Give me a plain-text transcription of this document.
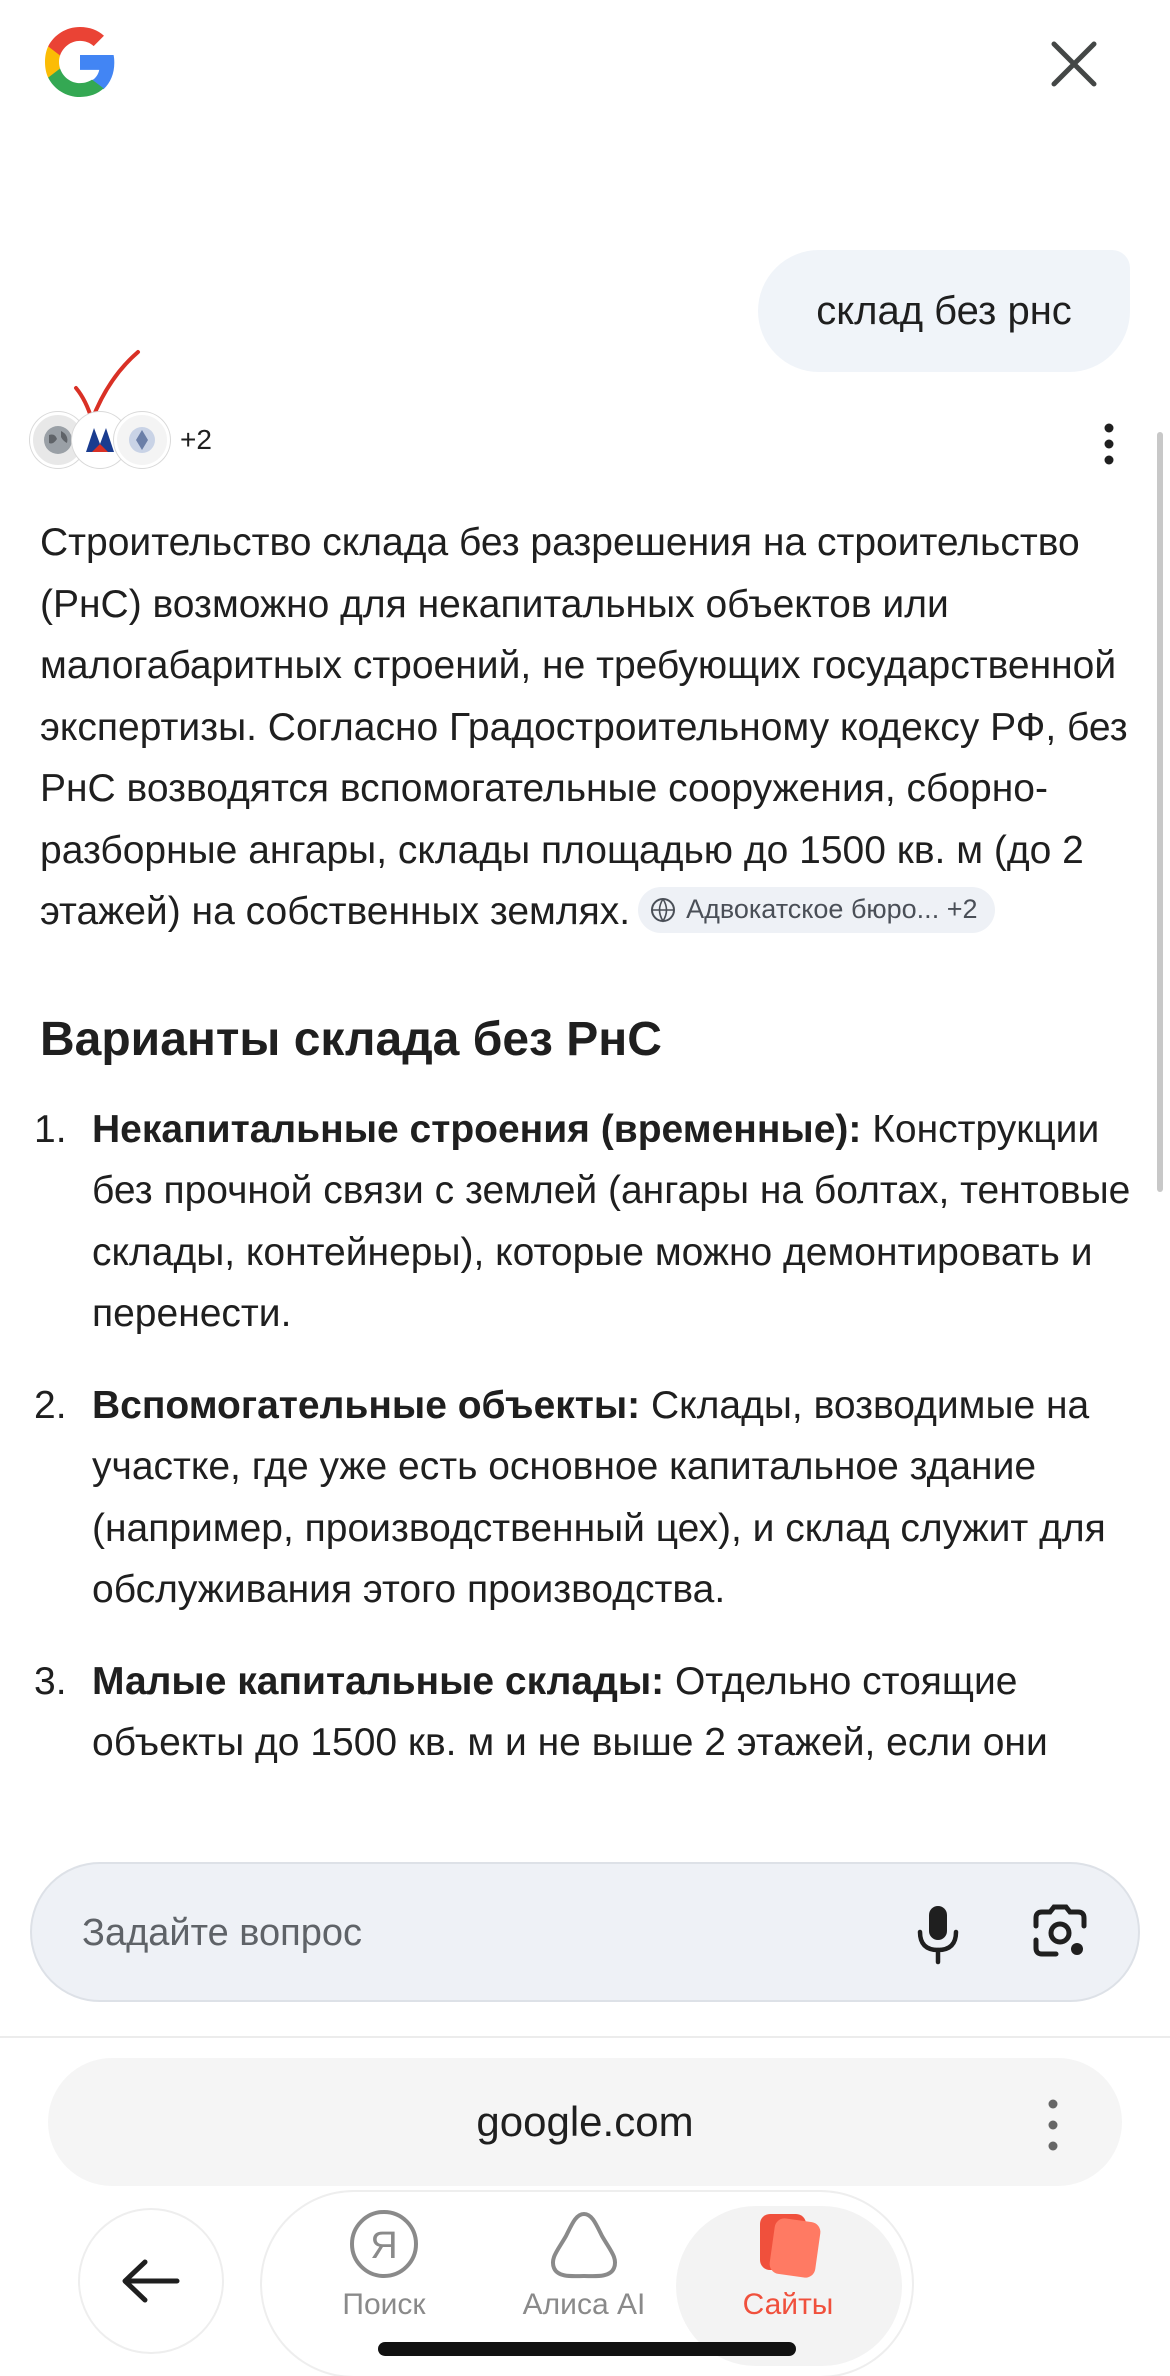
склад без рнс
+2

Строительство склада без разрешения на строительство (РнС) возможно для некапитальных объектов или малогабаритных строений, не требующих государственной экспертизы. Согласно Градостроительному кодексу РФ, без РнС возводятся вспомогательные сооружения, сборно-разборные ангары, склады площадью до 1500 кв. м (до 2 этажей) на собственных землях. Адвокатское бюро... +2

Варианты склада без РнС
1. Некапитальные строения (временные): Конструкции без прочной связи с землей (ангары на болтах, тентовые склады, контейнеры), которые можно демонтировать и перенести.
2. Вспомогательные объекты: Склады, возводимые на участке, где уже есть основное капитальное здание (например, производственный цех), и склад служит для обслуживания этого производства.
3. Малые капитальные склады: Отдельно стоящие объекты до 1500 кв. м и не выше 2 этажей, если они
Задайте вопрос
google.com
Я
Поиск	Алиса AI	Сайты
